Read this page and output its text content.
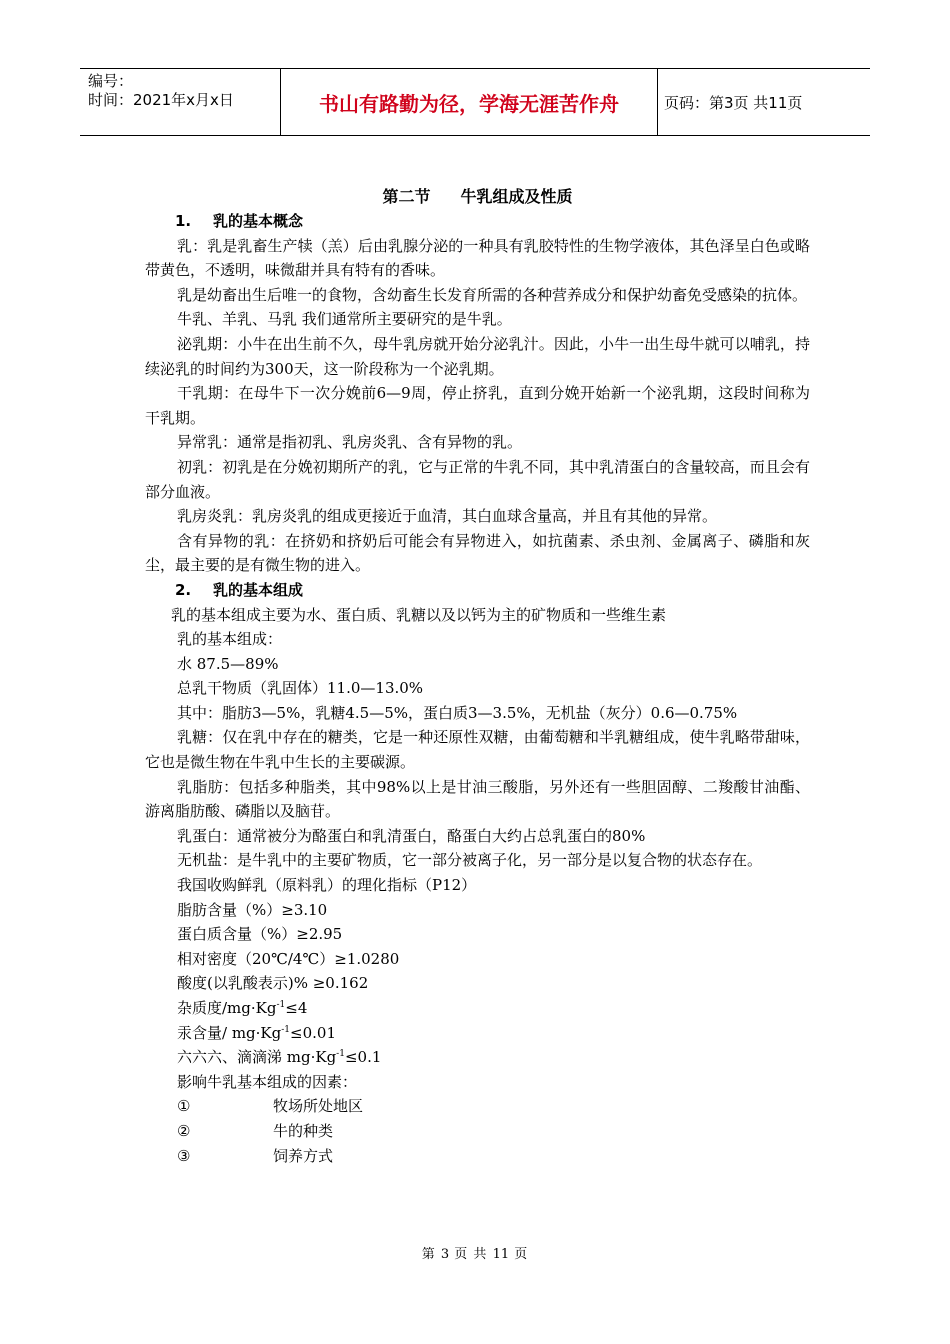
编号：
时间：2021年x月x日	书山有路勤为径，学海无涯苦作舟	页码：第3页 共11页
第二节 牛乳组成及性质
1. 乳的基本概念

乳：乳是乳畜生产犊（羔）后由乳腺分泌的一种具有乳胶特性的生物学液体，其色泽呈白色或略带黄色，不透明，味微甜并具有特有的香味。

乳是幼畜出生后唯一的食物，含幼畜生长发育所需的各种营养成分和保护幼畜免受感染的抗体。

牛乳、羊乳、马乳 我们通常所主要研究的是牛乳。

泌乳期：小牛在出生前不久，母牛乳房就开始分泌乳汁。因此，小牛一出生母牛就可以哺乳，持续泌乳的时间约为300天，这一阶段称为一个泌乳期。

干乳期：在母牛下一次分娩前6—9周，停止挤乳，直到分娩开始新一个泌乳期，这段时间称为干乳期。

异常乳：通常是指初乳、乳房炎乳、含有异物的乳。

初乳：初乳是在分娩初期所产的乳，它与正常的牛乳不同，其中乳清蛋白的含量较高，而且会有部分血液。

乳房炎乳：乳房炎乳的组成更接近于血清，其白血球含量高，并且有其他的异常。

含有异物的乳：在挤奶和挤奶后可能会有异物进入，如抗菌素、杀虫剂、金属离子、磷脂和灰尘，最主要的是有微生物的进入。

2. 乳的基本组成
乳的基本组成主要为水、蛋白质、乳糖以及以钙为主的矿物质和一些维生素
乳的基本组成：
水 87.5—89%
总乳干物质（乳固体）11.0—13.0%
其中：脂肪3—5%，乳糖4.5—5%，蛋白质3—3.5%，无机盐（灰分）0.6—0.75%

乳糖：仅在乳中存在的糖类，它是一种还原性双糖，由葡萄糖和半乳糖组成，使牛乳略带甜味，它也是微生物在牛乳中生长的主要碳源。

乳脂肪：包括多种脂类，其中98%以上是甘油三酸脂，另外还有一些胆固醇、二羧酸甘油酯、游离脂肪酸、磷脂以及脑苷。

乳蛋白：通常被分为酪蛋白和乳清蛋白，酪蛋白大约占总乳蛋白的80%

无机盐：是牛乳中的主要矿物质，它一部分被离子化，另一部分是以复合物的状态存在。

我国收购鲜乳（原料乳）的理化指标（P12）
脂肪含量（%）≥3.10
蛋白质含量（%）≥2.95
相对密度（20℃/4℃）≥1.0280
酸度(以乳酸表示)% ≥0.162
杂质度$/mg\cdot Kg^{-1}\le 4$
汞含量/ $mg\cdot Kg^{-1}\le 0.01$
六六六、滴滴涕 $mg\cdot Kg^{-1}\le 0.1$
影响牛乳基本组成的因素：
①	牧场所处地区
②	牛的种类
③	饲养方式
第 3 页 共 11 页
